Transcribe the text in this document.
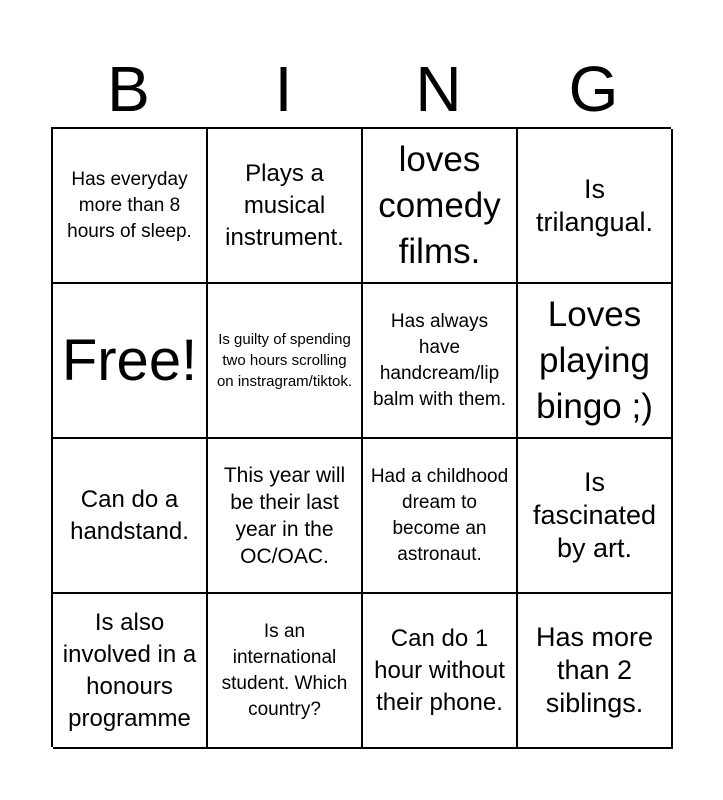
B	I	N	G
Has everyday more than 8 hours of sleep.
Plays a musical instrument.
loves comedy films.
Is trilangual.
Free! Is guilty of spending two hours scrolling on instragram/tiktok.
Has always have handcream/lip balm with them.
Loves playing bingo ;)
Can do a handstand.
This year will be their last year in the OC/OAC.
Had a childhood dream to become an astronaut.
Is fascinated by art.
Is also involved in a honours programme
Is an international student. Which country?
Can do 1 hour without their phone.
Has more than 2 siblings.
